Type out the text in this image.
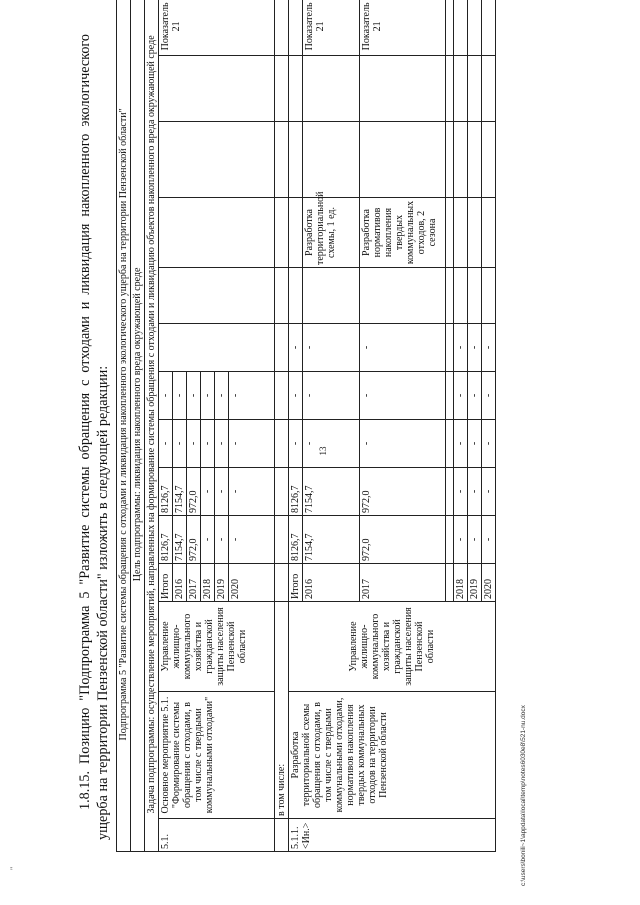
"
13
c:\users\bonili~1\appdata\local\temp\notes6030e8\521-nu.docx

1.8.15. Позицию "Подпрограмма 5 "Развитие системы обращения с отходами и ликвидация накопленного экологического ущерба на территории Пензенской области" изложить в следующей редакции: Подпрограмма 5 "Развитие системы обращения с отходами и ликвидация накопленного экологического ущерба на территории Пензенской области"													
Цель подпрограммы: ликвидация накопленного вреда окружающей среде													
Задача подпрограммы: осуществление мероприятий, направленных на формирование системы обращения с отходами и ликвидацию объектов накопленного вреда окружающей среде													
5.1.	Основное мероприятие 5.1. "Формирование системы обращения с отходами, в том числе с твердыми коммунальными отходами"	Управление жилищно-коммунального хозяйства и гражданской защиты населения Пензенской области	Итого	8126,7	8126,7	-	-						Показатель 21
			2016	7154,7	7154,7	-	-						
			2017	972,0	972,0	-	-						
			2018	-	-	-	-						
			2019	-	-	-	-						
			2020	-	-	-	-						
	в том числе:												
5.1.1. <Ин.>	Разработка территориальной схемы обращения с отходами, в том числе с твердыми коммунальными отходами, нормативов накопления твердых коммунальных отходов на территории Пензенской области	Управление жилищно-коммунального хозяйства и гражданской защиты населения Пензенской области	Итого	8126,7	8126,7	-	-	-					
			2016	7154,7	7154,7	-	-	-		Разработка территориальной схемы, 1 ед.			Показатель 21
			2017	972,0	972,0	-	-	-		Разработка нормативов накопления твердых коммунальных отходов, 2 сезона			Показатель 21

			2018	-	-	-	-	-					
			2019	-	-	-	-	-					
			2020	-	-	-	-	-					
